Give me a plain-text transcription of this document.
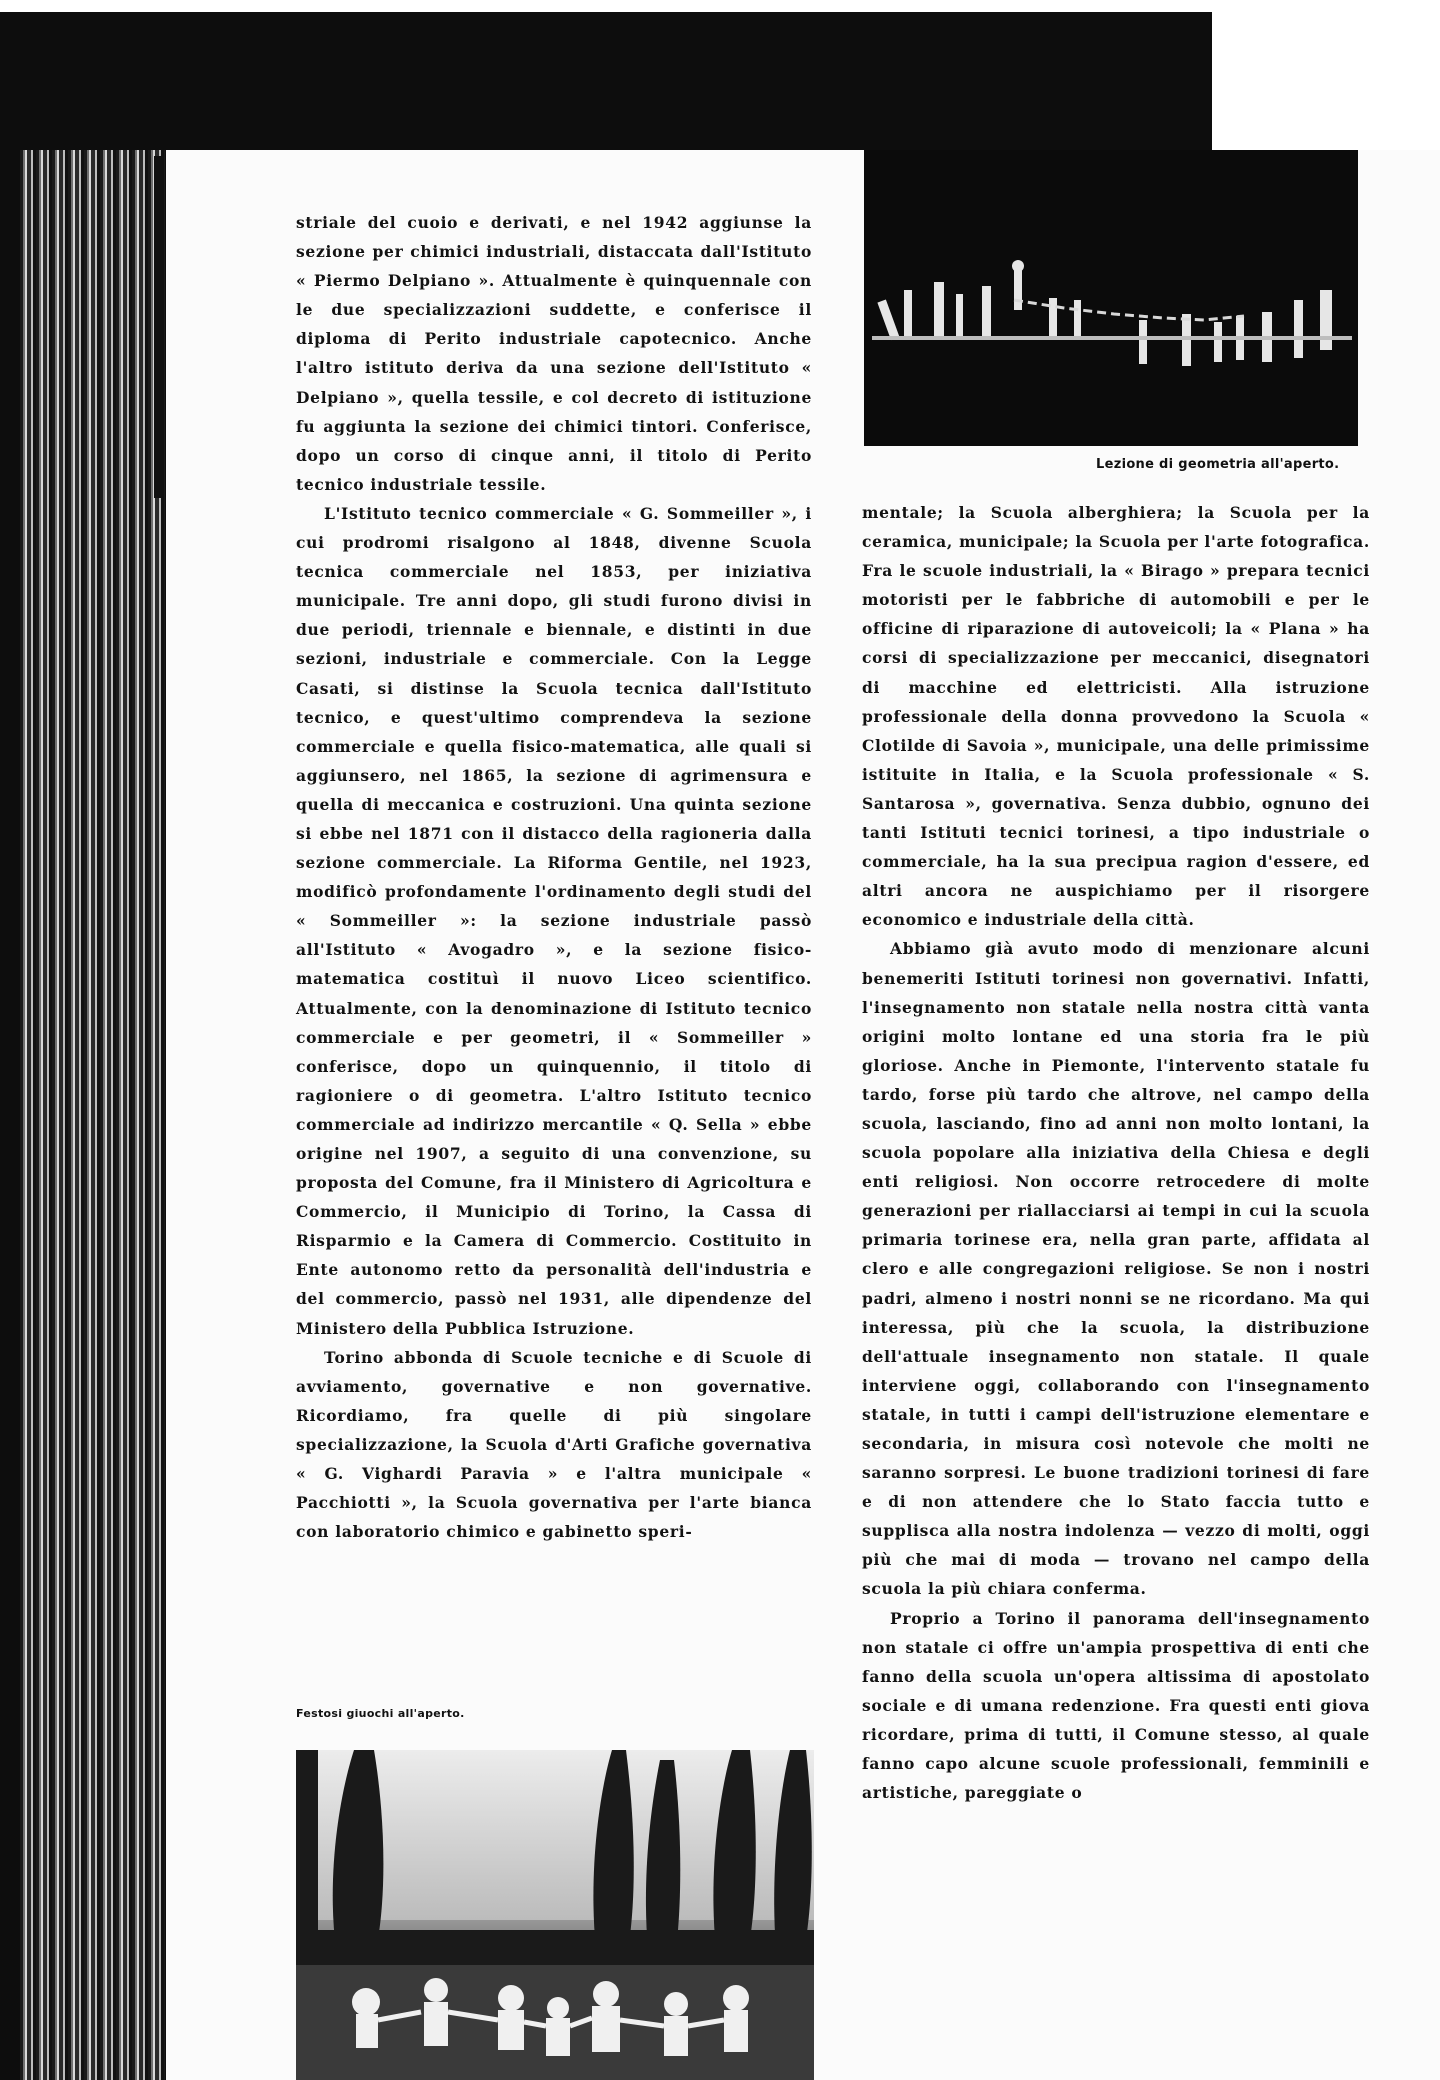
Lezione di geometria all'aperto.

striale del cuoio e derivati, e nel 1942 aggiunse la sezione per chimici industriali, distaccata dall'Istituto « Piermo Delpiano ». Attualmente è quinquennale con le due specializzazioni suddette, e conferisce il diploma di Perito industriale capotecnico. Anche l'altro istituto deriva da una sezione dell'Istituto « Delpiano », quella tessile, e col decreto di istituzione fu aggiunta la sezione dei chimici tintori. Conferisce, dopo un corso di cinque anni, il titolo di Perito tecnico industriale tessile.

L'Istituto tecnico commerciale « G. Sommeiller », i cui prodromi risalgono al 1848, divenne Scuola tecnica commerciale nel 1853, per iniziativa municipale. Tre anni dopo, gli studi furono divisi in due periodi, triennale e biennale, e distinti in due sezioni, industriale e commerciale. Con la Legge Casati, si distinse la Scuola tecnica dall'Istituto tecnico, e quest'ultimo comprendeva la sezione commerciale e quella fisico-matematica, alle quali si aggiunsero, nel 1865, la sezione di agrimensura e quella di meccanica e costruzioni. Una quinta sezione si ebbe nel 1871 con il distacco della ragioneria dalla sezione commerciale. La Riforma Gentile, nel 1923, modificò profondamente l'ordinamento degli studi del « Sommeiller »: la sezione industriale passò all'Istituto « Avogadro », e la sezione fisico-matematica costituì il nuovo Liceo scientifico. Attualmente, con la denominazione di Istituto tecnico commerciale e per geometri, il « Sommeiller » conferisce, dopo un quinquennio, il titolo di ragioniere o di geometra. L'altro Istituto tecnico commerciale ad indirizzo mercantile « Q. Sella » ebbe origine nel 1907, a seguito di una convenzione, su proposta del Comune, fra il Ministero di Agricoltura e Commercio, il Municipio di Torino, la Cassa di Risparmio e la Camera di Commercio. Costituito in Ente autonomo retto da personalità dell'industria e del commercio, passò nel 1931, alle dipendenze del Ministero della Pubblica Istruzione.

Torino abbonda di Scuole tecniche e di Scuole di avviamento, governative e non governative. Ricordiamo, fra quelle di più singolare specializzazione, la Scuola d'Arti Grafiche governativa « G. Vighardi Paravia » e l'altra municipale « Pacchiotti », la Scuola governativa per l'arte bianca con laboratorio chimico e gabinetto speri-

mentale; la Scuola alberghiera; la Scuola per la ceramica, municipale; la Scuola per l'arte fotografica. Fra le scuole industriali, la « Birago » prepara tecnici motoristi per le fabbriche di automobili e per le officine di riparazione di autoveicoli; la « Plana » ha corsi di specializzazione per meccanici, disegnatori di macchine ed elettricisti. Alla istruzione professionale della donna provvedono la Scuola « Clotilde di Savoia », municipale, una delle primissime istituite in Italia, e la Scuola professionale « S. Santarosa », governativa. Senza dubbio, ognuno dei tanti Istituti tecnici torinesi, a tipo industriale o commerciale, ha la sua precipua ragion d'essere, ed altri ancora ne auspichiamo per il risorgere economico e industriale della città.

Abbiamo già avuto modo di menzionare alcuni benemeriti Istituti torinesi non governativi. Infatti, l'insegnamento non statale nella nostra città vanta origini molto lontane ed una storia fra le più gloriose. Anche in Piemonte, l'intervento statale fu tardo, forse più tardo che altrove, nel campo della scuola, lasciando, fino ad anni non molto lontani, la scuola popolare alla iniziativa della Chiesa e degli enti religiosi. Non occorre retrocedere di molte generazioni per riallacciarsi ai tempi in cui la scuola primaria torinese era, nella gran parte, affidata al clero e alle congregazioni religiose. Se non i nostri padri, almeno i nostri nonni se ne ricordano. Ma qui interessa, più che la scuola, la distribuzione dell'attuale insegnamento non statale. Il quale interviene oggi, collaborando con l'insegnamento statale, in tutti i campi dell'istruzione elementare e secondaria, in misura così notevole che molti ne saranno sorpresi. Le buone tradizioni torinesi di fare e di non attendere che lo Stato faccia tutto e supplisca alla nostra indolenza — vezzo di molti, oggi più che mai di moda — trovano nel campo della scuola la più chiara conferma.

Proprio a Torino il panorama dell'insegnamento non statale ci offre un'ampia prospettiva di enti che fanno della scuola un'opera altissima di apostolato sociale e di umana redenzione. Fra questi enti giova ricordare, prima di tutti, il Comune stesso, al quale fanno capo alcune scuole professionali, femminili e artistiche, pareggiate o

Festosi giuochi all'aperto.
